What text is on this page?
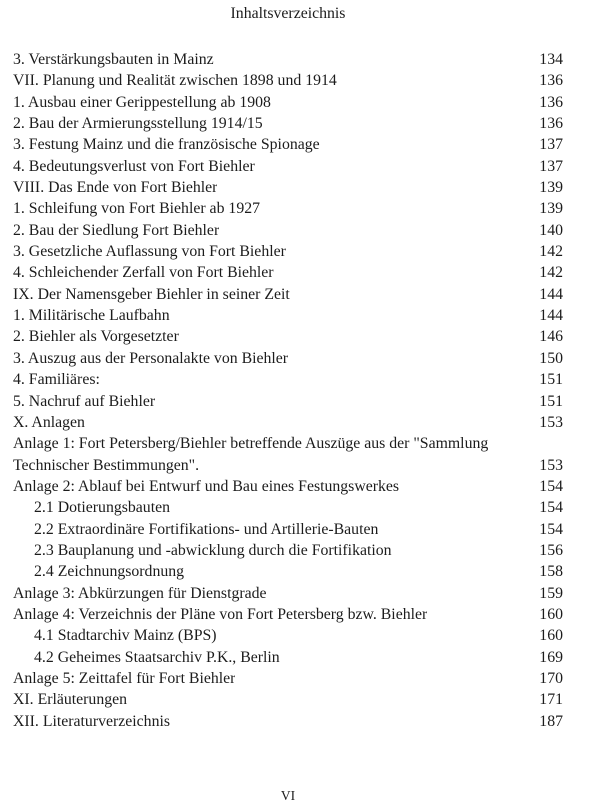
Inhaltsverzeichnis
3. Verstärkungsbauten in Mainz	134
VII. Planung und Realität zwischen 1898 und 1914	136
1. Ausbau einer Gerippestellung ab 1908	136
2. Bau der Armierungsstellung 1914/15	136
3. Festung Mainz und die französische Spionage	137
4. Bedeutungsverlust von Fort Biehler	137
VIII. Das Ende von Fort Biehler	139
1. Schleifung von Fort Biehler ab 1927	139
2. Bau der Siedlung Fort Biehler	140
3. Gesetzliche Auflassung von Fort Biehler	142
4. Schleichender Zerfall von Fort Biehler	142
IX. Der Namensgeber Biehler in seiner Zeit	144
1. Militärische Laufbahn	144
2. Biehler als Vorgesetzter	146
3. Auszug aus der Personalakte von Biehler	150
4. Familiäres:	151
5. Nachruf auf Biehler	151
X. Anlagen	153
Anlage 1: Fort Petersberg/Biehler betreffende Auszüge aus der "Sammlung
Technischer Bestimmungen".	153
Anlage 2: Ablauf bei Entwurf und Bau eines Festungswerkes	154
2.1 Dotierungsbauten	154
2.2 Extraordinäre Fortifikations- und Artillerie-Bauten	154
2.3 Bauplanung und -abwicklung durch die Fortifikation	156
2.4 Zeichnungsordnung	158
Anlage 3: Abkürzungen für Dienstgrade	159
Anlage 4: Verzeichnis der Pläne von Fort Petersberg bzw. Biehler	160
4.1 Stadtarchiv Mainz (BPS)	160
4.2 Geheimes Staatsarchiv P.K., Berlin	169
Anlage 5: Zeittafel für Fort Biehler	170
XI. Erläuterungen	171
XII. Literaturverzeichnis	187
VI
